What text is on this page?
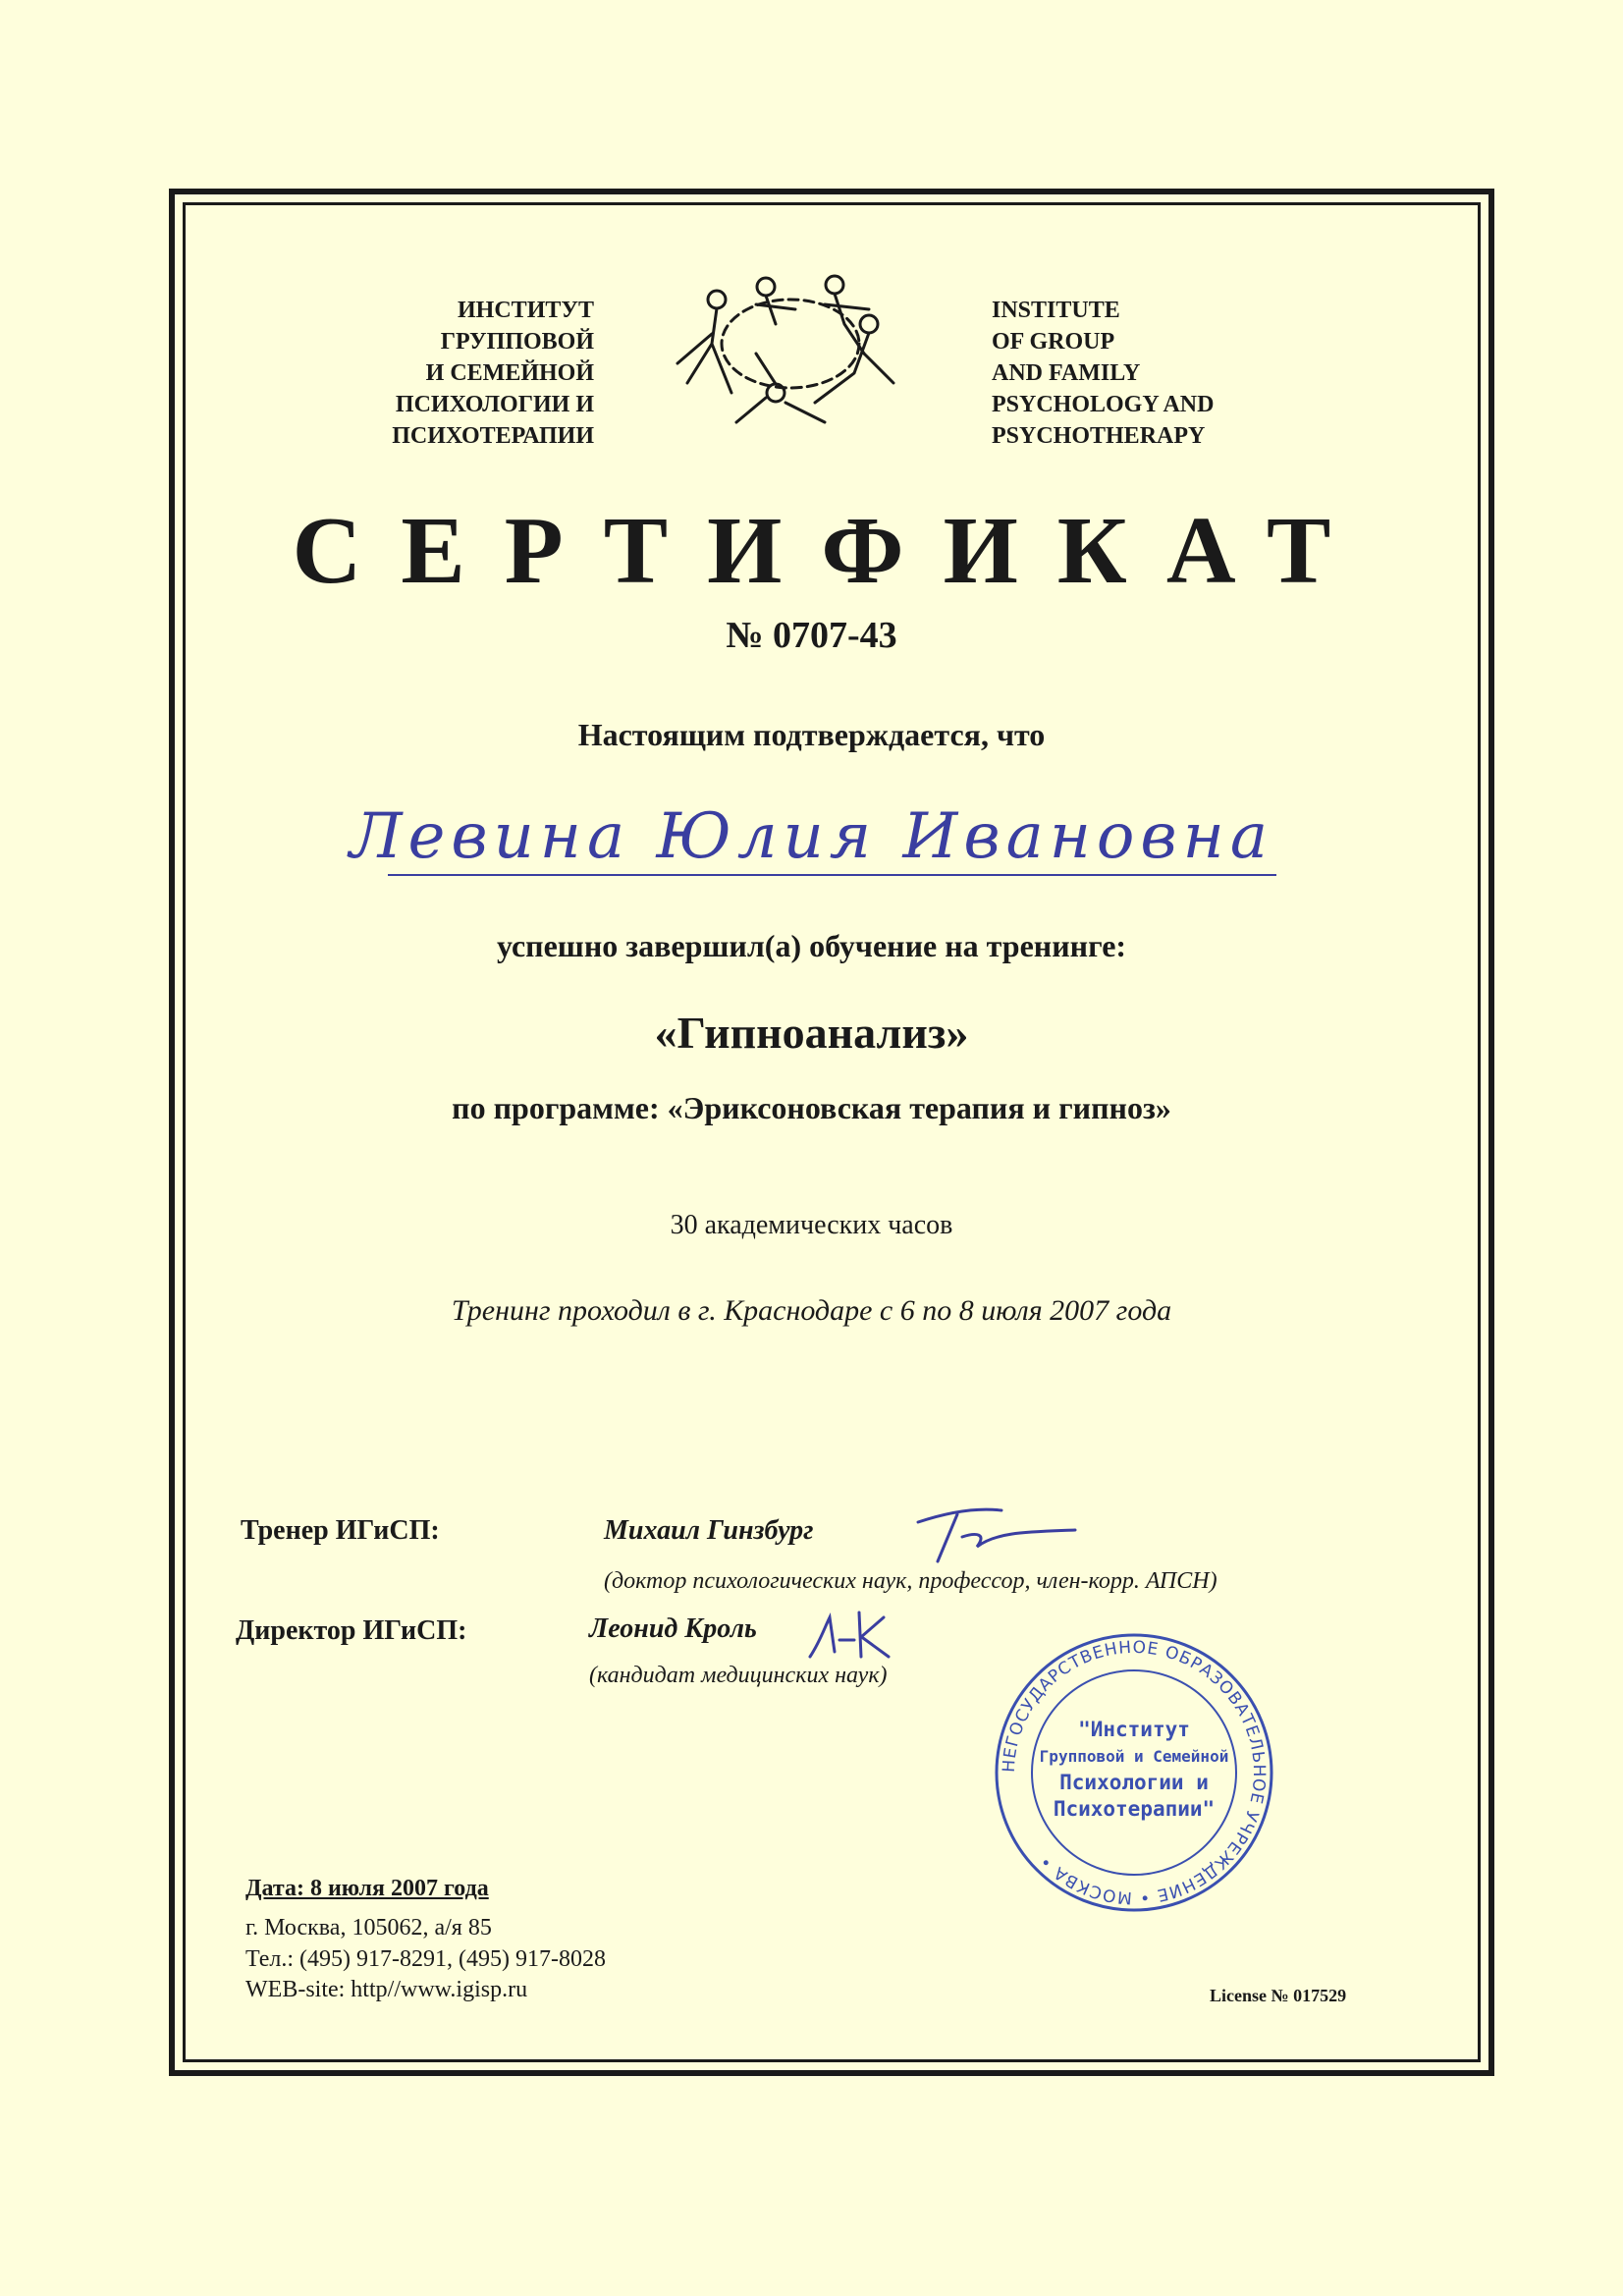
ИНСТИТУТ
ГРУППОВОЙ
И СЕМЕЙНОЙ
ПСИХОЛОГИИ И
ПСИХОТЕРАПИИ
INSTITUTE
OF GROUP
AND FAMILY
PSYCHOLOGY AND
PSYCHOTHERAPY
СЕРТИФИКАТ
№ 0707-43
Настоящим подтверждается, что
Левина Юлия Ивановна
успешно завершил(а) обучение на тренинге:
«Гипноанализ»
по программе: «Эриксоновская терапия и гипноз»
30 академических часов
Тренинг проходил в г. Краснодаре с 6 по 8 июля 2007 года
Тренер ИГиСП:	Михаил Гинзбург
(доктор психологических наук, профессор, член-корр. АПСН)
Директор ИГиСП:	Леонид Кроль
(кандидат медицинских наук)
НЕГОСУДАРСТВЕННОЕ ОБРАЗОВАТЕЛЬНОЕ УЧРЕЖДЕНИЕ • МОСКВА •
"Институт
Групповой и Семейной
Психологии и
Психотерапии"
Дата: 8 июля 2007 года
г. Москва, 105062, а/я 85
Тел.: (495) 917-8291, (495) 917-8028
WEB-site: http//www.igisp.ru	License № 017529
